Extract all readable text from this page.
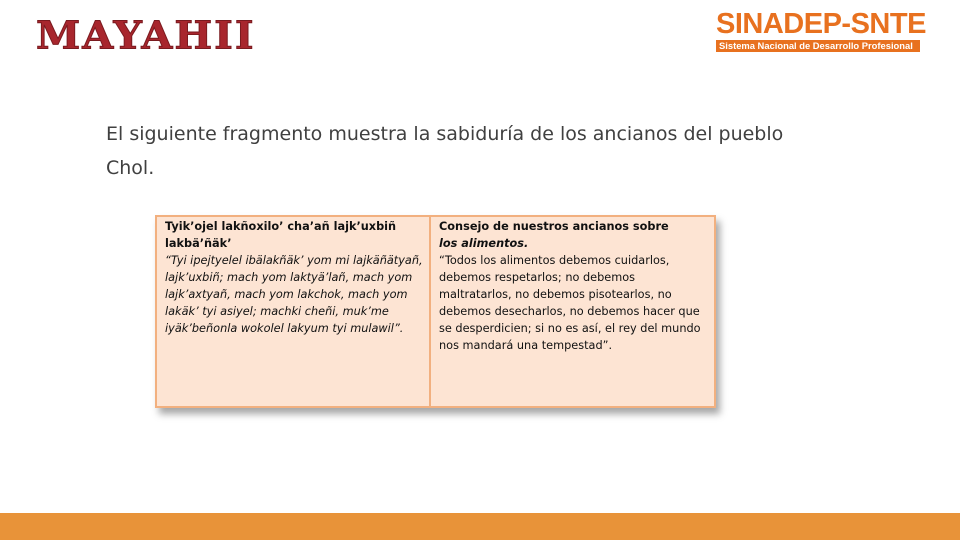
MAYAHII	SINADEP-SNTE
Sistema Nacional de Desarrollo Profesional
El siguiente fragmento muestra la sabiduría de los ancianos del pueblo Chol.
Tyik’ojel lakñoxilo’ cha’añ lajk’uxbiñ lakbä’ñäk’
“Tyi ipejtyelel ibälakñäk’ yom mi lajkäñätyañ,
lajk’uxbiñ; mach yom laktyä’lañ, mach yom
lajk’axtyañ, mach yom lakchok, mach yom lakäk’ tyi asiyel; machki cheñi, muk’me
iyäk’beñonla wokolel lakyum tyi mulawil”.

Consejo de nuestros ancianos sobre
los alimentos.
“Todos los alimentos debemos cuidarlos, debemos respetarlos; no debemos maltratarlos, no debemos pisotearlos, no debemos desecharlos, no debemos hacer que se desperdicien; si no es así, el rey del mundo nos mandará una tempestad”.
